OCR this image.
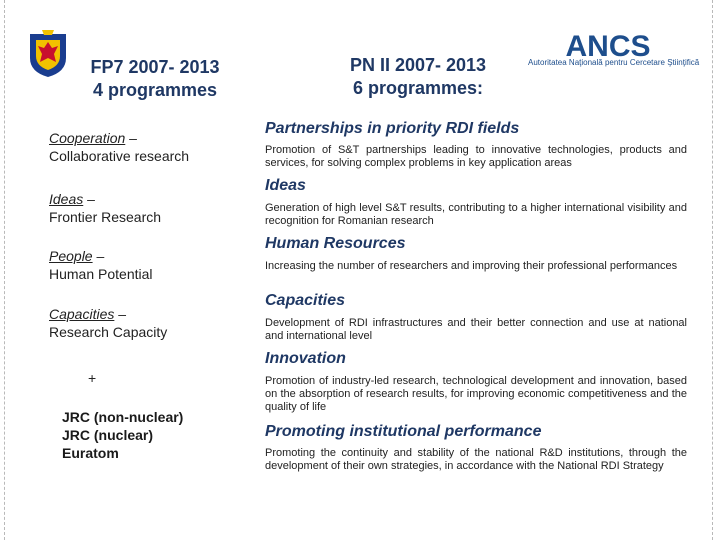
FP7 2007- 2013
4 programmes
PN II 2007- 2013
6 programmes:
ANCS
Autoritatea Naţională pentru Cercetare Ştiinţifică
Cooperation –
Collaborative research
Ideas –
Frontier Research
People –
Human Potential
Capacities –
Research Capacity
+
JRC (non-nuclear)
JRC (nuclear)
Euratom
Partnerships in priority RDI fields
Promotion of S&T partnerships leading to innovative technologies, products and services, for solving complex problems in key application areas
Ideas
Generation of high level S&T results, contributing to a higher international visibility and recognition for Romanian research
Human Resources
Increasing the number of researchers and improving their professional performances
Capacities
Development of RDI infrastructures and their better connection and use at national and international level
Innovation
Promotion of industry-led research, technological development and innovation, based on the absorption of research results, for improving economic competitiveness and the quality of life
Promoting institutional performance
Promoting the continuity and stability of the national R&D institutions, through the development of their own strategies, in accordance with the National RDI Strategy
